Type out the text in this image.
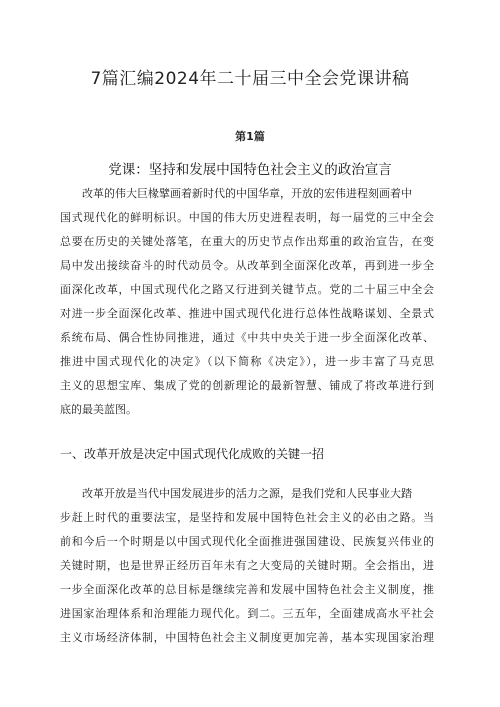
7篇汇编2024年二十届三中全会党课讲稿
第1篇
党课：坚持和发展中国特色社会主义的政治宣言
改革的伟大巨椽擘画着新时代的中国华章，开放的宏伟进程刻画着中
国式现代化的鲜明标识。中国的伟大历史进程表明，每一届党的三中全会
总要在历史的关键处落笔，在重大的历史节点作出郑重的政治宣告，在变
局中发出接续奋斗的时代动员令。从改革到全面深化改革，再到进一步全
面深化改革，中国式现代化之路又行进到关键节点。党的二十届三中全会
对进一步全面深化改革、推进中国式现代化进行总体性战略谋划、全景式
系统布局、偶合性协同推进，通过《中共中央关于进一步全面深化改革、
推进中国式现代化的决定》（以下简称《决定》），进一步丰富了马克思
主义的思想宝库、集成了党的创新理论的最新智慧、铺成了将改革进行到
底的最美蓝图。
一、改革开放是决定中国式现代化成败的关键一招
改革开放是当代中国发展进步的活力之源，是我们党和人民事业大踏
步赶上时代的重要法宝，是坚持和发展中国特色社会主义的必由之路。当
前和今后一个时期是以中国式现代化全面推进强国建设、民族复兴伟业的
关键时期，也是世界正经历百年未有之大变局的关键时期。全会指出，进
一步全面深化改革的总目标是继续完善和发展中国特色社会主义制度，推
进国家治理体系和治理能力现代化。到二。三五年，全面建成高水平社会
主义市场经济体制，中国特色社会主义制度更加完善，基本实现国家治理
